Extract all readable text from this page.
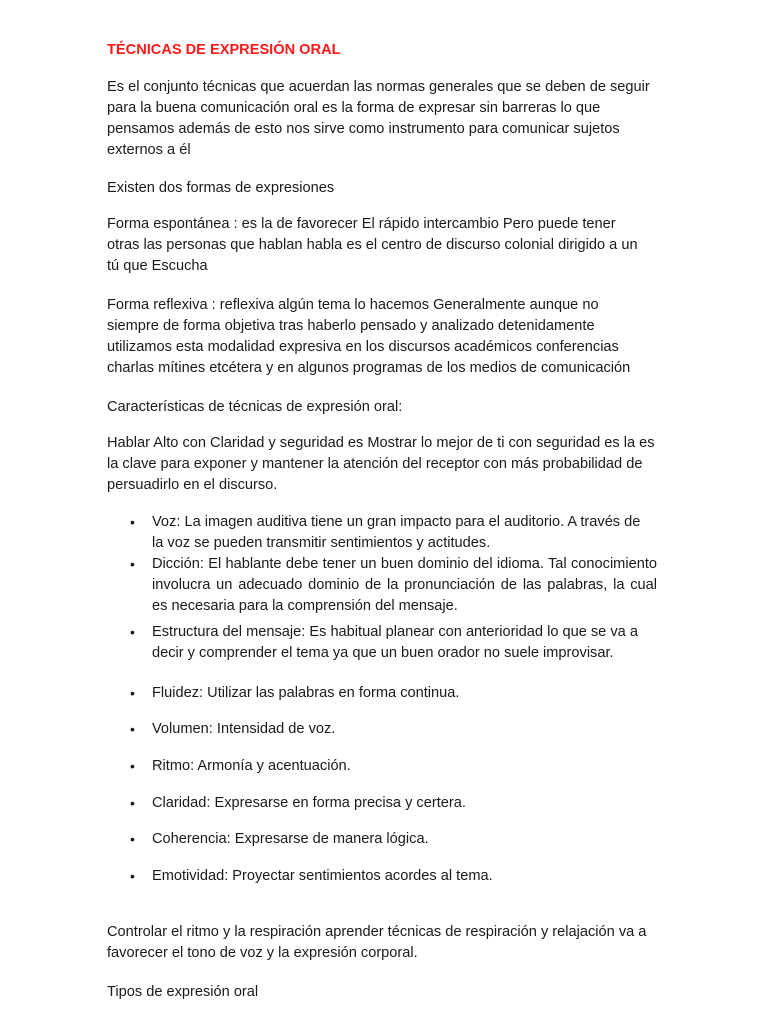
TÉCNICAS DE EXPRESIÓN ORAL

Es el conjunto técnicas que acuerdan las normas generales que se deben de seguir para la buena comunicación oral es la forma de expresar sin barreras lo que pensamos además de esto nos sirve como instrumento para comunicar sujetos externos a él

Existen dos formas de expresiones

Forma espontánea : es la de favorecer El rápido intercambio Pero puede tener otras las personas que hablan habla es el centro de discurso colonial dirigido a un tú que Escucha

Forma reflexiva : reflexiva algún tema lo hacemos Generalmente aunque no siempre de forma objetiva tras haberlo pensado y analizado detenidamente utilizamos esta modalidad expresiva en los discursos académicos conferencias charlas mítines etcétera y en algunos programas de los medios de comunicación

Características de técnicas de expresión oral:

Hablar Alto con Claridad y seguridad es Mostrar lo mejor de ti con seguridad es la es la clave para exponer y mantener la atención del receptor con más probabilidad de persuadirlo en el discurso.

• Voz: La imagen auditiva tiene un gran impacto para el auditorio. A través de la voz se pueden transmitir sentimientos y actitudes.
• Dicción: El hablante debe tener un buen dominio del idioma. Tal conocimiento involucra un adecuado dominio de la pronunciación de las palabras, la cual es necesaria para la comprensión del mensaje.
• Estructura del mensaje: Es habitual planear con anterioridad lo que se va a decir y comprender el tema ya que un buen orador no suele improvisar.
• Fluidez: Utilizar las palabras en forma continua.
• Volumen: Intensidad de voz.
• Ritmo: Armonía y acentuación.
• Claridad: Expresarse en forma precisa y certera.
• Coherencia: Expresarse de manera lógica.
• Emotividad: Proyectar sentimientos acordes al tema.

Controlar el ritmo y la respiración aprender técnicas de respiración y relajación va a favorecer el tono de voz y la expresión corporal.

Tipos de expresión oral
